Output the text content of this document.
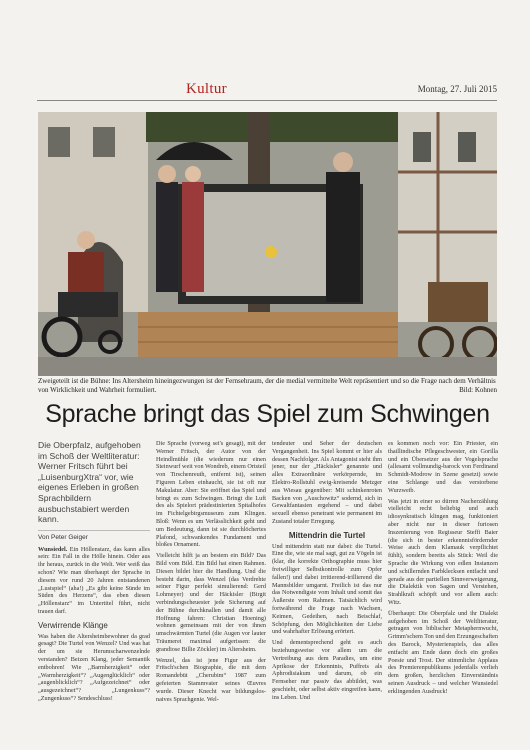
Kultur	Montag, 27. Juli 2015
Zweigeteilt ist die Bühne: Ins Altersheim hineingezwungen ist der Fernsehraum, der die medial vermittelte Welt repräsentiert und so die Frage nach dem Verhältnis von Wirklichkeit und Wahrheit formuliert.	Bild: Kohnen
Sprache bringt das Spiel zum Schwingen
Die Oberpfalz, aufgehoben im Schoß der Weltliteratur: Werner Fritsch führt bei „LuisenburgXtra“ vor, wie eigenes Erleben in großen Sprachbildern ausbuchstabiert werden kann.
Von Peter Geiger

Wunsiedel. Ein Höllenstarz, das kann alles sein: Ein Fall in die Hölle hinein. Oder aus ihr heraus, zurück in die Welt. Wer weiß das schon? Wie man überhaupt der Sprache in diesem vor rund 20 Jahren entstandenen „Lustspiel“ (aha!) „Es gibt keine Sünde im Süden des Herzens“, das eben diesen „Höllenstarz“ im Untertitel führt, nicht trauen darf.

Verwirrende Klänge

Was haben die Altersheimbewohner da grad gesagt? Die Turtel von Wenzel? Und was hat der um sie Herumscharwenzelnde verstanden? Beizen Klang, jeder Semantik entbohren! Wie ,,Barmherzigkeit“ oder „Warmherzigkeit“? „Augenglücklich“ oder „augenblicklich“? „Aufgezeichnet“ oder „ausgezeichnet“? „Lungenkuss“? „Zungenkuss“? Sendeschluss!

Die Sprache (vorweg sei's gesagt), mit der Werner Fritsch, der Autor von der Heindlmühle (die wiederum nur einen Steinwurf weit von Wondreb, einem Ortsteil von Tirschenreuth, entfernt ist), seinen Figuren Leben einhaucht, sie ist oft nur Makulatur. Aber: Sie eröffnet das Spiel und bringt es zum Schwingen. Bringt die Luft des als Spielort prädestinierten Spitalhofes im Fichtelgebirgsmuseum zum Klingen. Bloß: Wenn es um Verlässlichkeit geht und um Bedeutung, dann ist sie durchlöchertes Plafond, schwankendes Fundament und bloßes Ornament.

Vielleicht hilft ja an bestem ein Bild? Das Bild vom Bild. Ein Bild hat einen Rahmen. Diesen bildet hier die Handlung. Und die besteht darin, dass Wenzel (das Verdrehte seiner Figur perfekt simulierend: Gerd Lohmeyer) und der Häckisler (Birgit verbindungscheuester jede Sicherung auf der Bühne durchknallen und damit alle Hoffnung fahren: Christian Hoening) wohnen gemeinsam mit der von ihnen umschwärmten Turtel (die Augen vor lauter Träumerei maximal aufgerissen: die grandiose Billie Zöckler) im Altersheim.

Wenzel, das ist jene Figur aus der Fritsch'schen Biographie, die mit dem Romandebüt „Cherubim“ 1987 zum gefeierten Stammvater seines Œuvres wurde. Dieser Knecht war bildungslos-naives Sprachgenie. Wel-

tendeuter und Seher der deutschen Vergangenheit. Ins Spiel kommt er hier als dessen Nachfolger. Als Antagonist steht ihm jener, nur der „Häckisler“ genannte und alles Extraordinäre verkörpernde, im Elektro-Rollstuhl ewig-kreisende Metzger aus Wiesau gegenüber: Mit schinkenroten Backen von „Auschowitz“ sodernd, sich in Gewaltfantasien ergehend – und dabei sexuell ebenso penetrant wie permanent im Zustand totaler Erregung.

Mittendrin die Turtel

Und mittendrin statt nur dabei: die Turtel. Eine die, wie sie mal sagt, gut zu Vögeln ist (klar, die korrekte Orthographie muss hier freiwilliger Selbstkontrolle zum Opfer fallen!) und dabei irritierend-trillierend die Mannsbilder umgarnt. Freilich ist das nur das Notwendigste vom Inhalt und somit das Äußerste vom Rahmen. Tatsächlich wird fortwährend die Frage nach Wachsen, Keimen, Gedeihen, nach Beischlaf, Schöpfung, den Möglichkeiten der Liebe und wahrhafter Erlösung erörtert.

Und dementsprechend geht es auch beziehungsweise vor allem um die Vertreibung aus dem Paradies, um eine Aprikose der Erkenntnis, Puffreis als Aphrodisiakum und darum, ob ein Fernseher nur passiv das abbildet, was geschieht, oder selbst aktiv eingreifen kann, ins Leben. Und

es kommen noch vor: Ein Priester, ein thaillindische Pflegeschwester, ein Gorilla und ein Übersetzer aus der Vogelsprache (allesamt vollmundig-barock von Ferdinand Schmidt-Modrow in Szene gesetzt) sowie eine Schlange und das verstorbene Wurzweib.

Was jetzt in einer so dürren Nacherzählung vielleicht recht beliebig und auch idiosynkratisch klingen mag, funktioniert aber nicht nur in dieser furiosen Inszenierung von Regisseur Steffi Baier (die sich in bester erkennnisfördernder Weise auch dem Klamauk verpflichtet fühlt), sondern bereits als Stück: Weil die Sprache die Wirkung von edlen Instanzen und schillernden Farbklecksen entfacht und gerade aus der partiellen Sinnverweigerung, die Dialektik von Sagen und Verstehen, Strahlkraft schöpft und vor allem auch: Witz.

Überhaupt: Die Oberpfalz und ihr Dialekt aufgehoben im Schoß der Weltliteratur, getragen von biblischer Metaphernwucht, Grimm'schem Ton und den Erzungeschaften des Barock, Mysterienspiels, das alles entfacht am Ende dann doch ein großes Poesie und Trost. Der stimmliche Applaus des Premierenpublikums jedenfalls verlieh dem großen, herzlichen Einverständnis seinen Ausdruck – und welcher Wunsiedel erklingenden Ausdruck!
